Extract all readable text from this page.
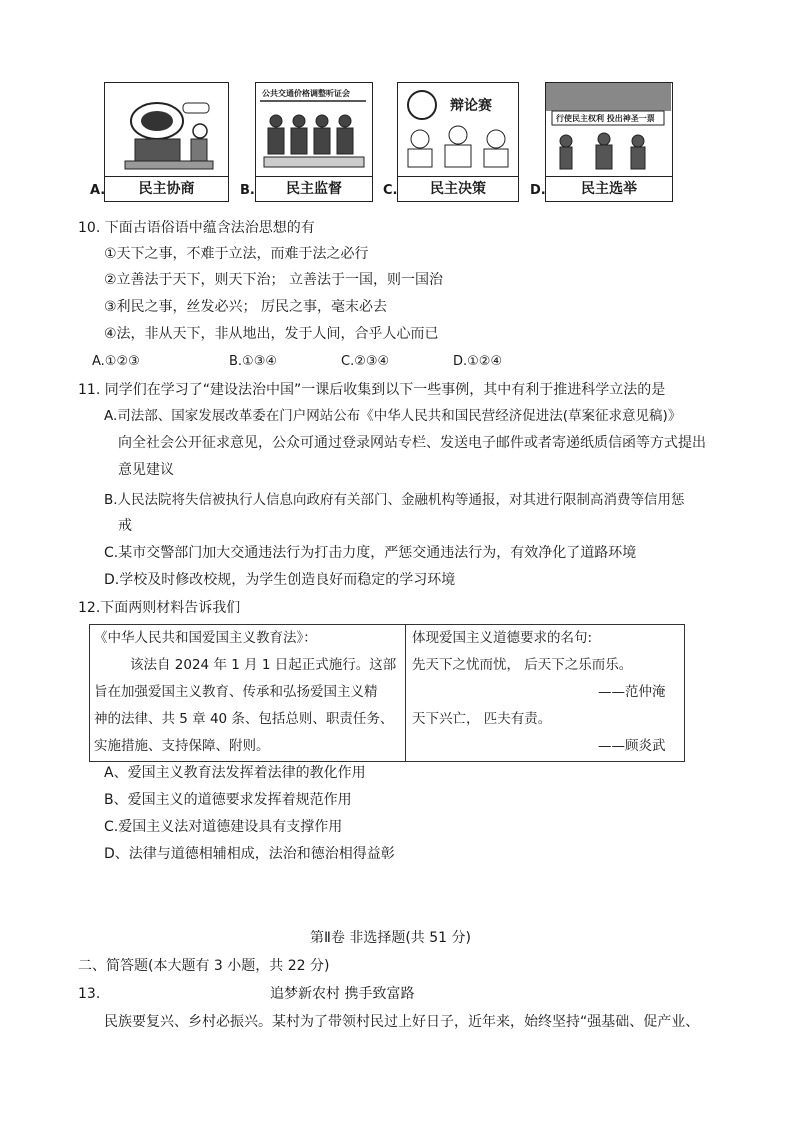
民主协商
A.
公共交通价格调整听证会
民主监督
B.
辩论赛
民主决策
C.
行使民主权利 投出神圣一票
民主选举
D.
10. 下面古语俗语中蕴含法治思想的有
①天下之事，不难于立法，而难于法之必行
②立善法于天下，则天下治； 立善法于一国，则一国治
③利民之事，丝发必兴； 厉民之事，毫末必去
④法，非从天下，非从地出，发于人间，合乎人心而已
A.①②③	B.①③④	C.②③④	D.①②④
11. 同学们在学习了“建设法治中国”一课后收集到以下一些事例，其中有利于推进科学立法的是
A.司法部、国家发展改革委在门户网站公布《中华人民共和国民营经济促进法(草案征求意见稿)》
向全社会公开征求意见，公众可通过登录网站专栏、发送电子邮件或者寄递纸质信函等方式提出
意见建议
B.人民法院将失信被执行人信息向政府有关部门、金融机构等通报，对其进行限制高消费等信用惩
戒
C.某市交警部门加大交通违法行为打击力度，严惩交通违法行为，有效净化了道路环境
D.学校及时修改校规，为学生创造良好而稳定的学习环境
12.下面两则材料告诉我们
《中华人民共和国爱国主义教育法》：
该法自 2024 年 1 月 1 日起正式施行。这部
旨在加强爱国主义教育、传承和弘扬爱国主义精
神的法律、共 5 章 40 条、包括总则、职责任务、
实施措施、支持保障、附则。
体现爱国主义道德要求的名句:
先天下之忧而忧， 后天下之乐而乐。
——范仲淹
天下兴亡， 匹夫有责。
——顾炎武
A、爱国主义教育法发挥着法律的教化作用
B、爱国主义的道德要求发挥着规范作用
C.爱国主义法对道德建设具有支撑作用
D、法律与道德相辅相成，法治和德治相得益彰
第Ⅱ卷 非选择题(共 51 分)
二、简答题(本大题有 3 小题，共 22 分)
13.	追梦新农村 携手致富路
民族要复兴、乡村必振兴。某村为了带领村民过上好日子，近年来，始终坚持“强基础、促产业、
